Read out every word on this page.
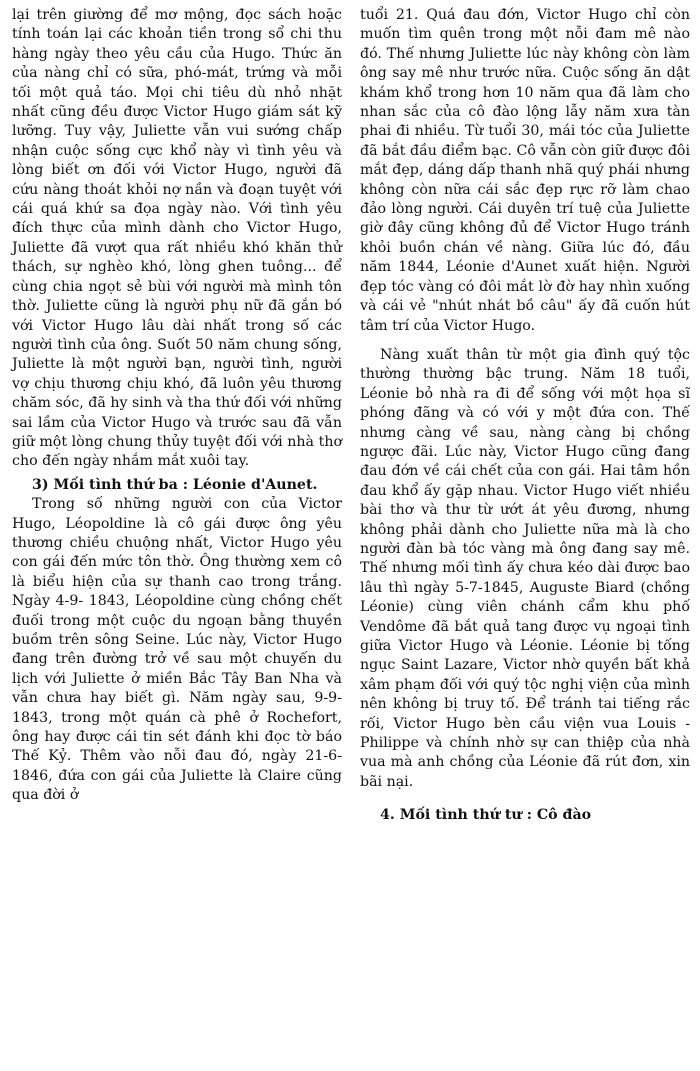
lại trên giường để mơ mộng, đọc sách hoặc tính toán lại các khoản tiền trong sổ chi thu hàng ngày theo yêu cầu của Hugo. Thức ăn của nàng chỉ có sữa, phó-mát, trứng và mỗi tối một quả táo. Mọi chi tiêu dù nhỏ nhặt nhất cũng đều được Victor Hugo giám sát kỹ lưỡng. Tuy vậy, Juliette vẫn vui sướng chấp nhận cuộc sống cực khổ này vì tình yêu và lòng biết ơn đối với Victor Hugo, người đã cứu nàng thoát khỏi nợ nần và đoạn tuyệt với cái quá khứ sa đọa ngày nào. Với tình yêu đích thực của mình dành cho Victor Hugo, Juliette đã vượt qua rất nhiều khó khăn thử thách, sự nghèo khó, lòng ghen tuông... để cùng chia ngọt sẻ bùi với người mà mình tôn thờ. Juliette cũng là người phụ nữ đã gắn bó với Victor Hugo lâu dài nhất trong số các người tình của ông. Suốt 50 năm chung sống, Juliette là một người bạn, người tình, người vợ chịu thương chịu khó, đã luôn yêu thương chăm sóc, đã hy sinh và tha thứ đối với những sai lầm của Victor Hugo và trước sau đã vẫn giữ một lòng chung thủy tuyệt đối với nhà thơ cho đến ngày nhắm mắt xuôi tay.

3) Mối tình thứ ba : Léonie d'Aunet.

Trong số những người con của Victor Hugo, Léopoldine là cô gái được ông yêu thương chiều chuộng nhất, Victor Hugo yêu con gái đến mức tôn thờ. Ông thường xem cô là biểu hiện của sự thanh cao trong trắng. Ngày 4-9- 1843, Léopoldine cùng chồng chết đuối trong một cuộc du ngoạn bằng thuyền buồm trên sông Seine. Lúc này, Victor Hugo đang trên đường trở về sau một chuyến du lịch với Juliette ở miền Bắc Tây Ban Nha và vẫn chưa hay biết gì. Năm ngày sau, 9-9-1843, trong một quán cà phê ở Rochefort, ông hay được cái tin sét đánh khi đọc tờ báo Thế Kỷ. Thêm vào nỗi đau đó, ngày 21-6-1846, đứa con gái của Juliette là Claire cũng qua đời ở

tuổi 21. Quá đau đớn, Victor Hugo chỉ còn muốn tìm quên trong một nỗi đam mê nào đó. Thế nhưng Juliette lúc này không còn làm ông say mê như trước nữa. Cuộc sống ăn dật khám khổ trong hơn 10 năm qua đã làm cho nhan sắc của cô đào lộng lẫy năm xưa tàn phai đi nhiều. Từ tuổi 30, mái tóc của Juliette đã bắt đầu điểm bạc. Cô vẫn còn giữ được đôi mắt đẹp, dáng dấp thanh nhã quý phái nhưng không còn nữa cái sắc đẹp rực rỡ làm chao đảo lòng người. Cái duyên trí tuệ của Juliette giờ đây cũng không đủ để Victor Hugo tránh khỏi buồn chán về nàng. Giữa lúc đó, đầu năm 1844, Léonie d'Aunet xuất hiện. Người đẹp tóc vàng có đôi mắt lờ đờ hay nhìn xuống và cái vẻ "nhút nhát bồ câu" ấy đã cuốn hút tâm trí của Victor Hugo.

Nàng xuất thân từ một gia đình quý tộc thường thường bậc trung. Năm 18 tuổi, Léonie bỏ nhà ra đi để sống với một họa sĩ phóng đãng và có với y một đứa con. Thế nhưng càng về sau, nàng càng bị chồng ngược đãi. Lúc này, Victor Hugo cũng đang đau đớn về cái chết của con gái. Hai tâm hồn đau khổ ấy gặp nhau. Victor Hugo viết nhiều bài thơ và thư từ ướt át yêu đương, nhưng không phải dành cho Juliette nữa mà là cho người đàn bà tóc vàng mà ông đang say mê. Thế nhưng mối tình ấy chưa kéo dài được bao lâu thì ngày 5-7-1845, Auguste Biard (chồng Léonie) cùng viên chánh cẩm khu phố Vendôme đã bắt quả tang được vụ ngoại tình giữa Victor Hugo và Léonie. Léonie bị tống ngục Saint Lazare, Victor nhờ quyền bất khả xâm phạm đối với quý tộc nghị viện của mình nên không bị truy tố. Để tránh tai tiếng rắc rối, Victor Hugo bèn cầu viện vua Louis - Philippe và chính nhờ sự can thiệp của nhà vua mà anh chồng của Léonie đã rút đơn, xin bãi nại.

4. Mối tình thứ tư : Cô đào
